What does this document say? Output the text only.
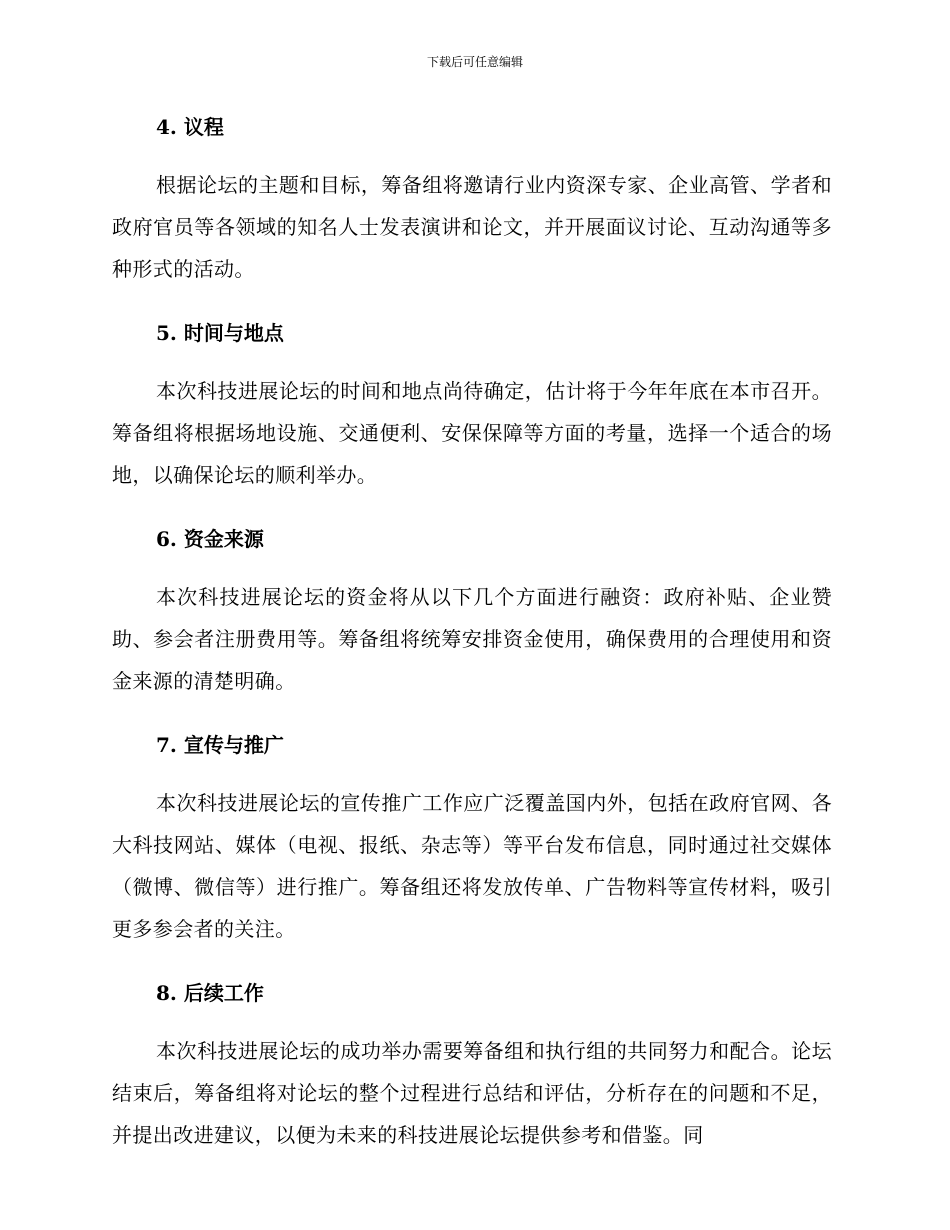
下载后可任意编辑
4. 议程

根据论坛的主题和目标，筹备组将邀请行业内资深专家、企业高管、学者和政府官员等各领域的知名人士发表演讲和论文，并开展面议讨论、互动沟通等多种形式的活动。

5. 时间与地点

本次科技进展论坛的时间和地点尚待确定，估计将于今年年底在本市召开。筹备组将根据场地设施、交通便利、安保保障等方面的考量，选择一个适合的场地，以确保论坛的顺利举办。

6. 资金来源

本次科技进展论坛的资金将从以下几个方面进行融资：政府补贴、企业赞助、参会者注册费用等。筹备组将统筹安排资金使用，确保费用的合理使用和资金来源的清楚明确。

7. 宣传与推广

本次科技进展论坛的宣传推广工作应广泛覆盖国内外，包括在政府官网、各大科技网站、媒体（电视、报纸、杂志等）等平台发布信息，同时通过社交媒体（微博、微信等）进行推广。筹备组还将发放传单、广告物料等宣传材料，吸引更多参会者的关注。

8. 后续工作

本次科技进展论坛的成功举办需要筹备组和执行组的共同努力和配合。论坛结束后，筹备组将对论坛的整个过程进行总结和评估，分析存在的问题和不足，并提出改进建议，以便为未来的科技进展论坛提供参考和借鉴。同
